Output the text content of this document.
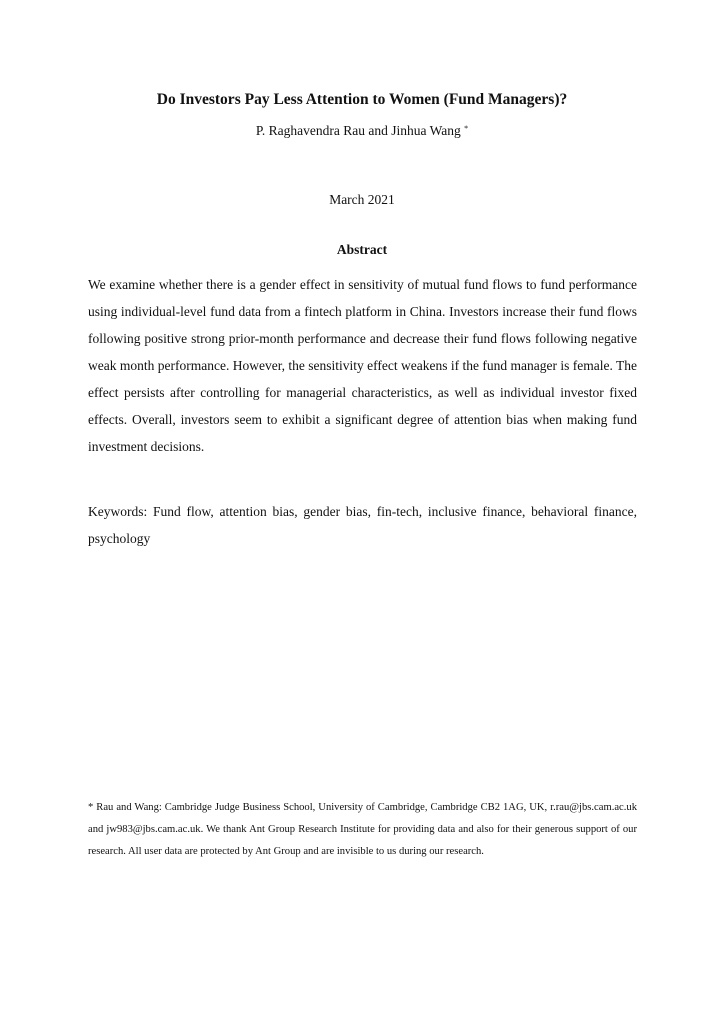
Do Investors Pay Less Attention to Women (Fund Managers)?
P. Raghavendra Rau and Jinhua Wang *
March 2021
Abstract
We examine whether there is a gender effect in sensitivity of mutual fund flows to fund performance using individual-level fund data from a fintech platform in China. Investors increase their fund flows following positive strong prior-month performance and decrease their fund flows following negative weak month performance. However, the sensitivity effect weakens if the fund manager is female. The effect persists after controlling for managerial characteristics, as well as individual investor fixed effects. Overall, investors seem to exhibit a significant degree of attention bias when making fund investment decisions.
Keywords: Fund flow, attention bias, gender bias, fin-tech, inclusive finance, behavioral finance, psychology
* Rau and Wang: Cambridge Judge Business School, University of Cambridge, Cambridge CB2 1AG, UK, r.rau@jbs.cam.ac.uk and jw983@jbs.cam.ac.uk. We thank Ant Group Research Institute for providing data and also for their generous support of our research. All user data are protected by Ant Group and are invisible to us during our research.
